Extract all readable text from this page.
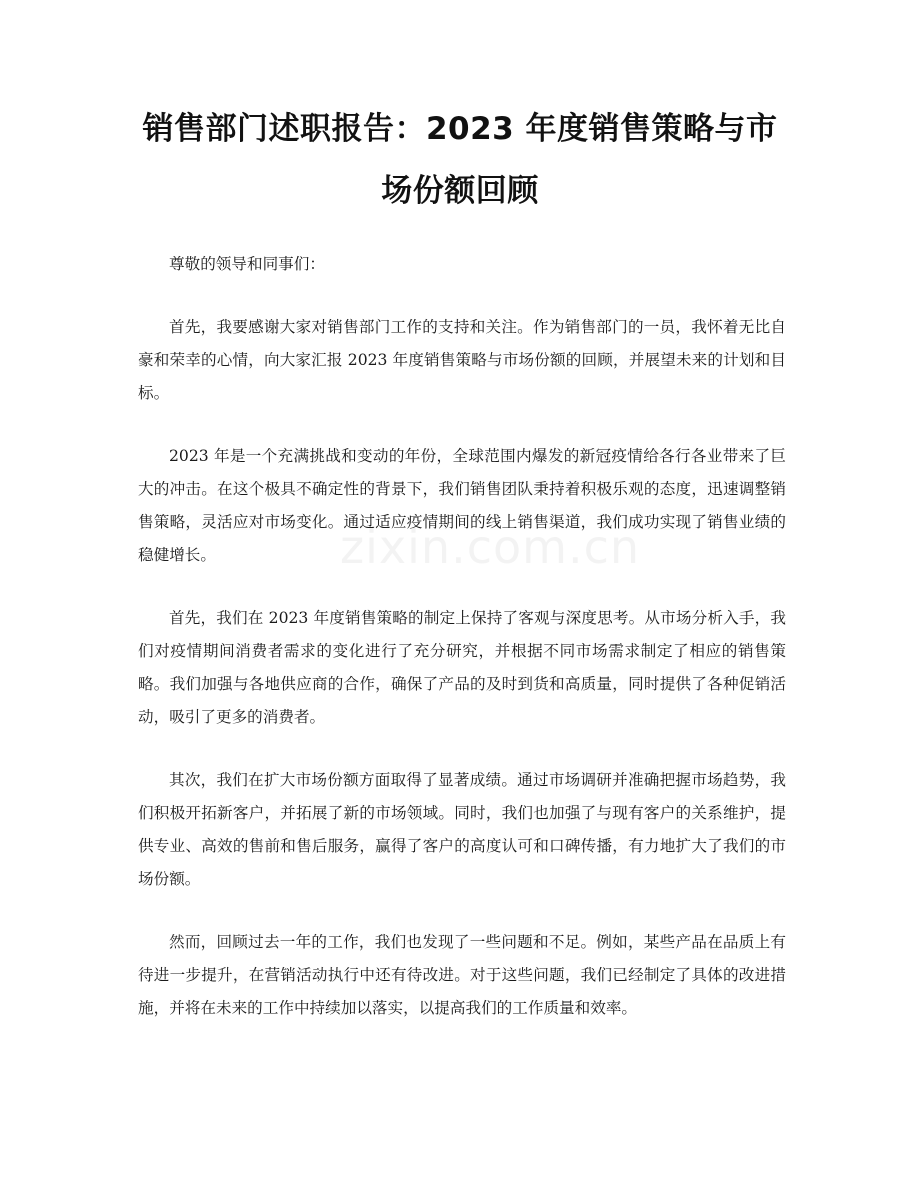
销售部门述职报告：2023 年度销售策略与市场份额回顾
zixin.com.cn

尊敬的领导和同事们：

首先，我要感谢大家对销售部门工作的支持和关注。作为销售部门的一员，我怀着无比自豪和荣幸的心情，向大家汇报 2023 年度销售策略与市场份额的回顾，并展望未来的计划和目标。

2023 年是一个充满挑战和变动的年份，全球范围内爆发的新冠疫情给各行各业带来了巨大的冲击。在这个极具不确定性的背景下，我们销售团队秉持着积极乐观的态度，迅速调整销售策略，灵活应对市场变化。通过适应疫情期间的线上销售渠道，我们成功实现了销售业绩的稳健增长。

首先，我们在 2023 年度销售策略的制定上保持了客观与深度思考。从市场分析入手，我们对疫情期间消费者需求的变化进行了充分研究，并根据不同市场需求制定了相应的销售策略。我们加强与各地供应商的合作，确保了产品的及时到货和高质量，同时提供了各种促销活动，吸引了更多的消费者。

其次，我们在扩大市场份额方面取得了显著成绩。通过市场调研并准确把握市场趋势，我们积极开拓新客户，并拓展了新的市场领域。同时，我们也加强了与现有客户的关系维护，提供专业、高效的售前和售后服务，赢得了客户的高度认可和口碑传播，有力地扩大了我们的市场份额。

然而，回顾过去一年的工作，我们也发现了一些问题和不足。例如，某些产品在品质上有待进一步提升，在营销活动执行中还有待改进。对于这些问题，我们已经制定了具体的改进措施，并将在未来的工作中持续加以落实，以提高我们的工作质量和效率。
